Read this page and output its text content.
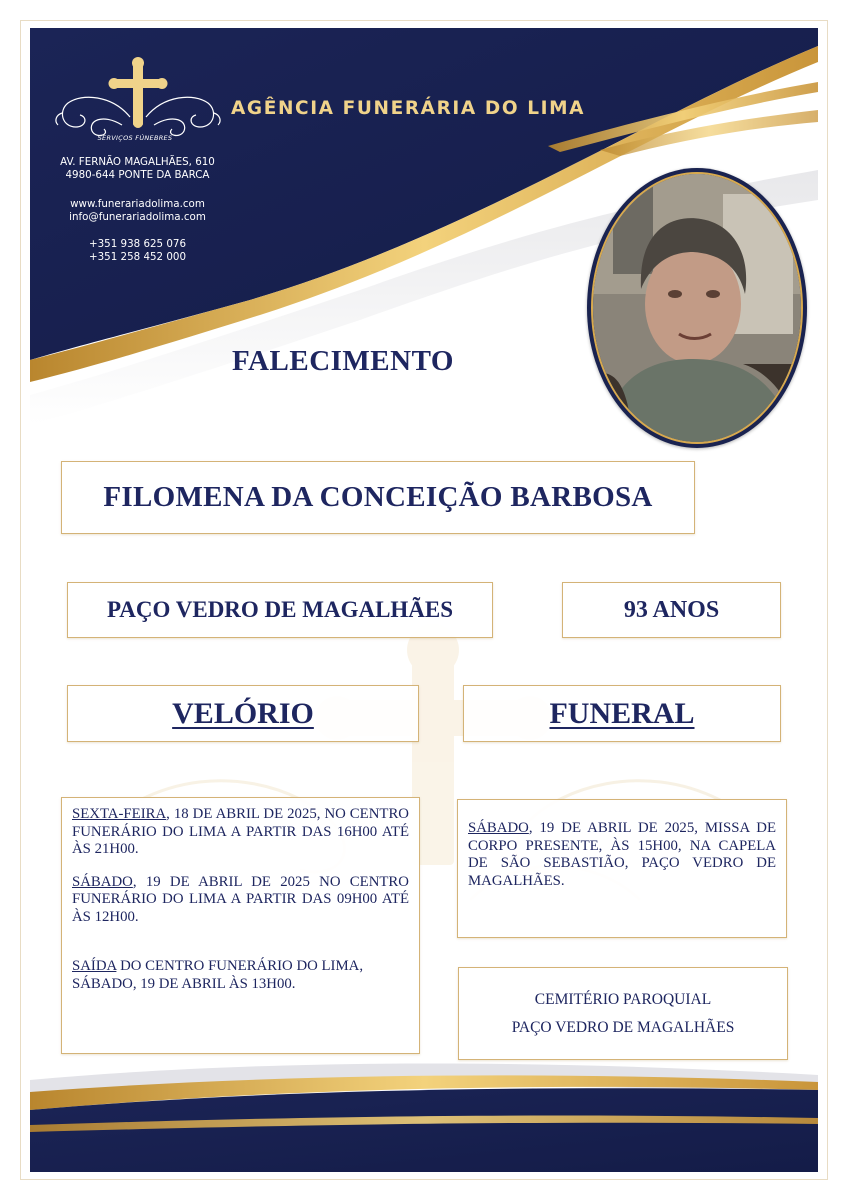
SERVIÇOS FÚNEBRES
AGÊNCIA FUNERÁRIA DO LIMA
AV. FERNÃO MAGALHÃES, 610
4980-644 PONTE DA BARCA
www.funerariadolima.com
info@funerariadolima.com
+351 938 625 076
+351 258 452 000
FALECIMENTO
FILOMENA DA CONCEIÇÃO BARBOSA
PAÇO VEDRO DE MAGALHÃES	93 ANOS
VELÓRIO	FUNERAL

SEXTA-FEIRA, 18 DE ABRIL DE 2025, NO CENTRO FUNERÁRIO DO LIMA A PARTIR DAS 16H00 ATÉ ÀS 21H00.

SÁBADO, 19 DE ABRIL DE 2025 NO CENTRO FUNERÁRIO DO LIMA A PARTIR DAS 09H00 ATÉ ÀS 12H00.

SAÍDA DO CENTRO FUNERÁRIO DO LIMA, SÁBADO, 19 DE ABRIL ÀS 13H00.

SÁBADO, 19 DE ABRIL DE 2025, MISSA DE CORPO PRESENTE, ÀS 15H00, NA CAPELA DE SÃO SEBASTIÃO, PAÇO VEDRO DE MAGALHÃES.

CEMITÉRIO PAROQUIAL
PAÇO VEDRO DE MAGALHÃES
